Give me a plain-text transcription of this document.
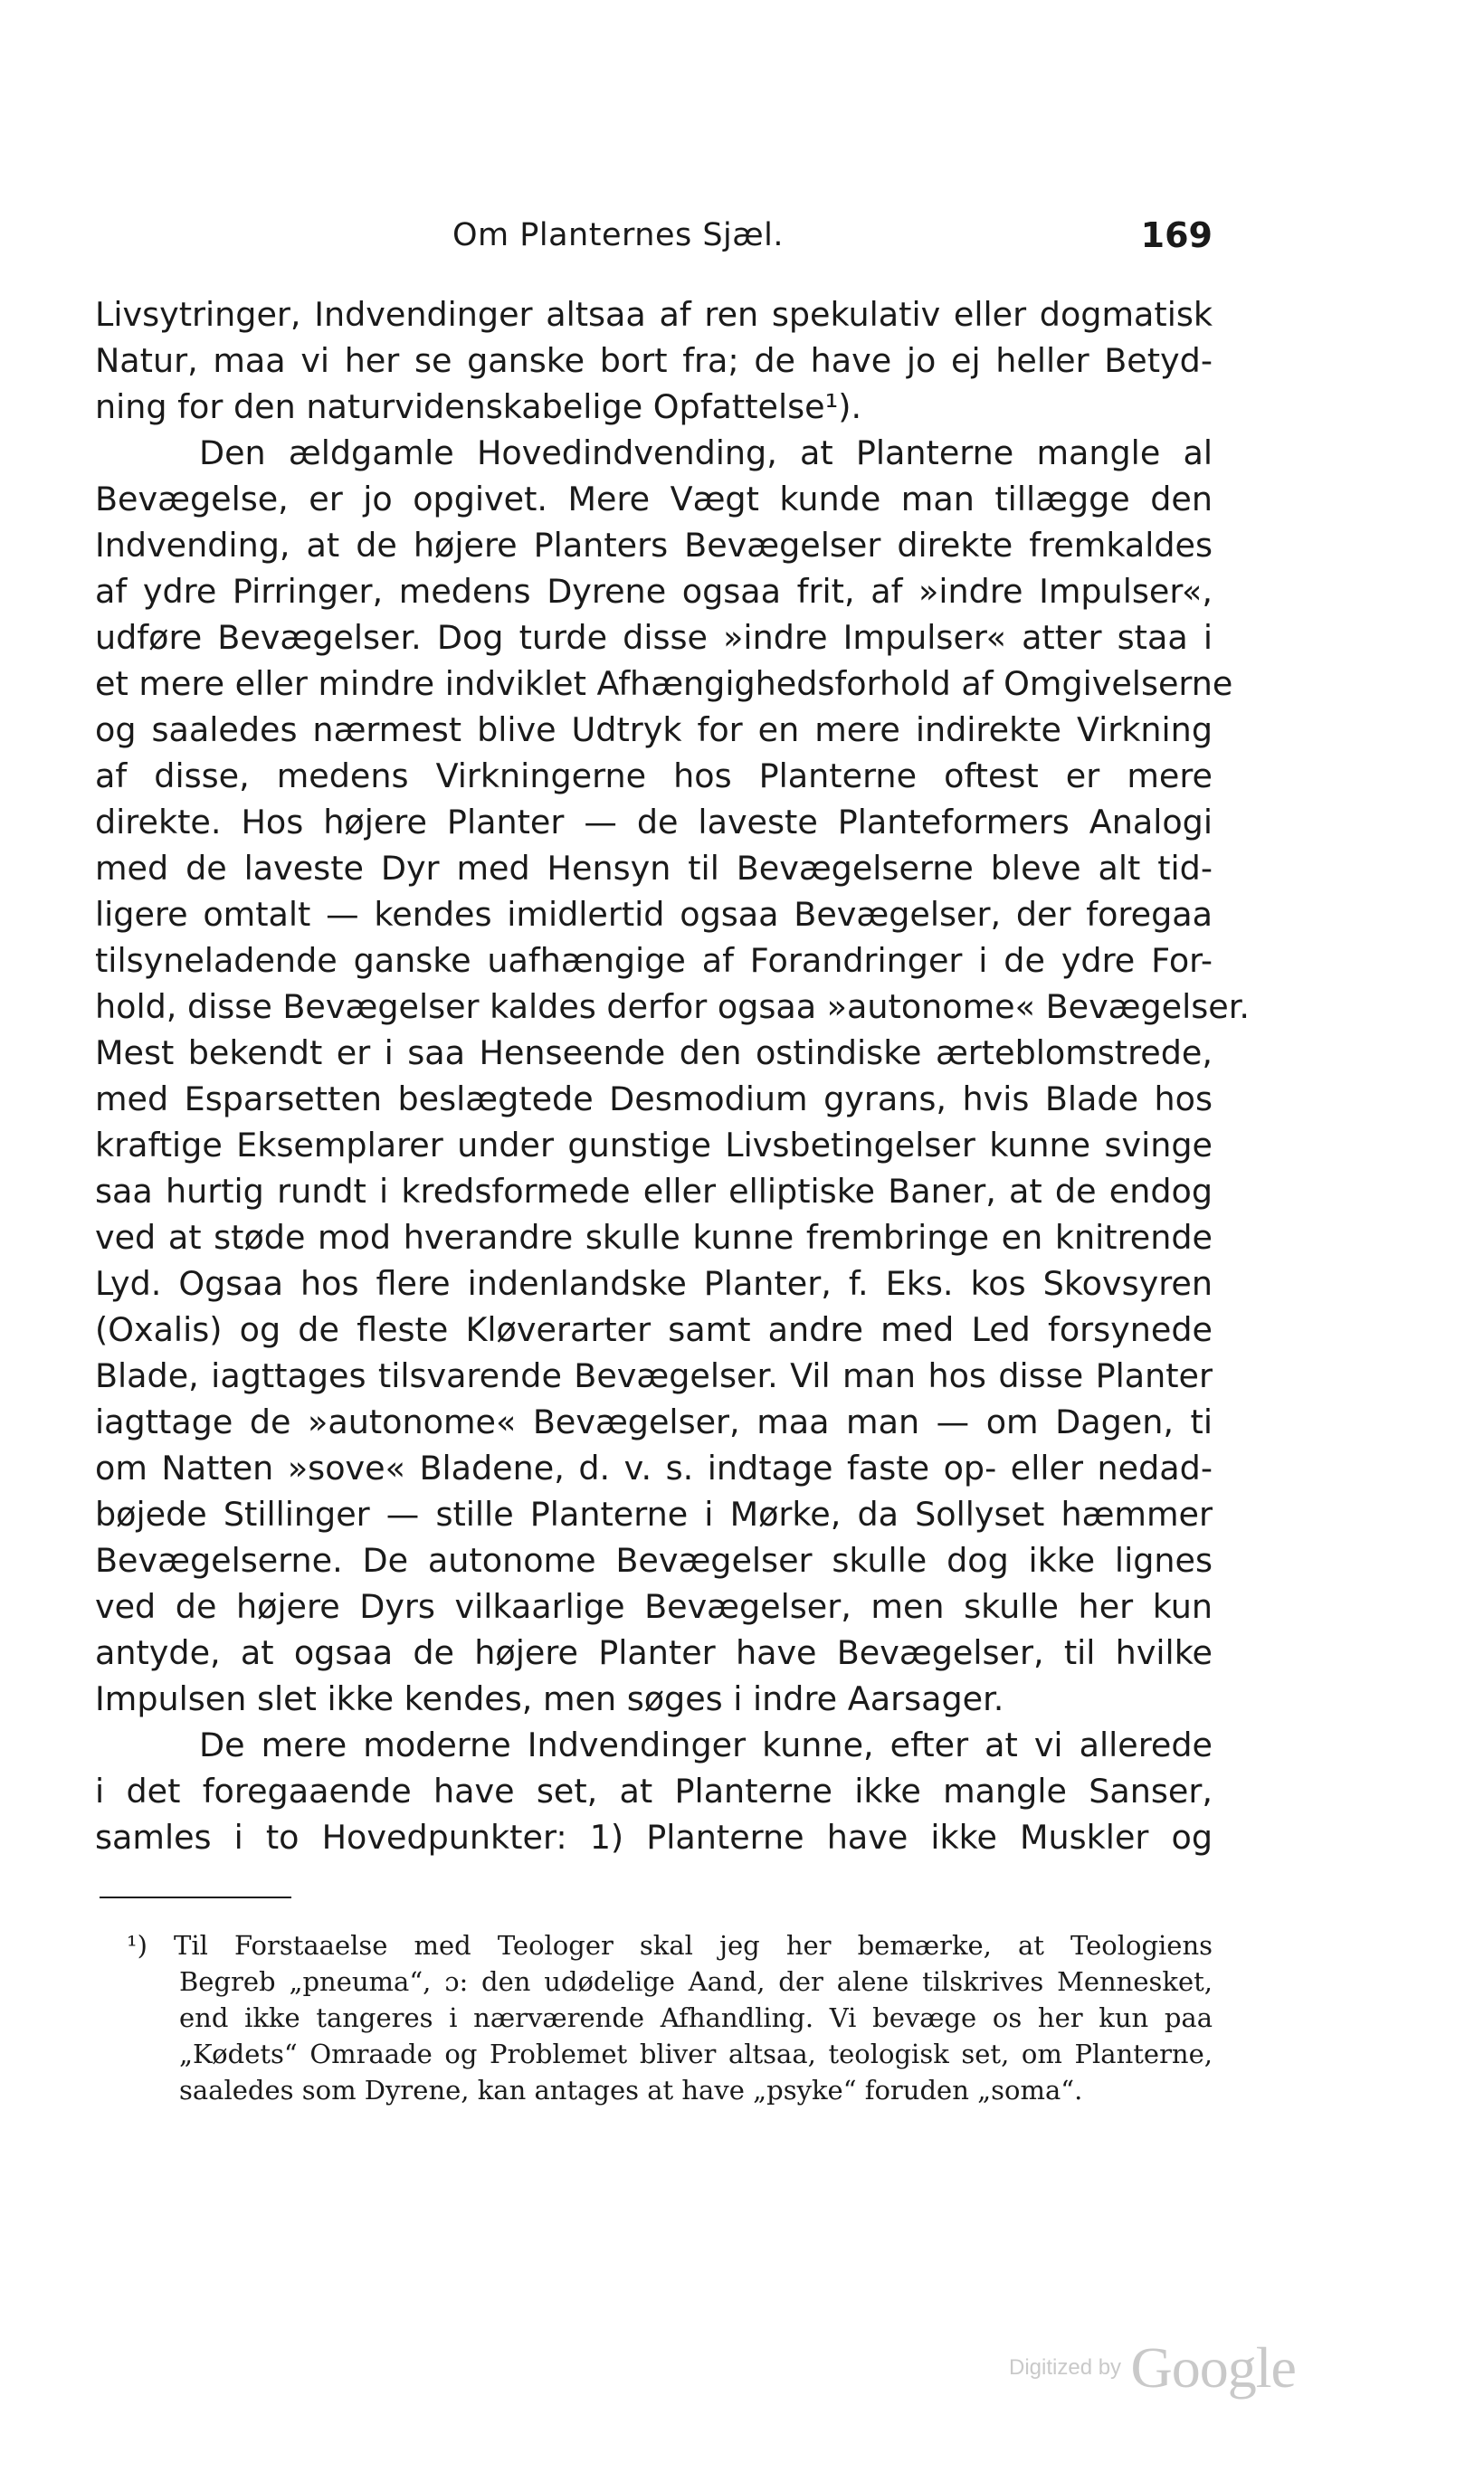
Om Planternes Sjæl.	169
Livsytringer, Indvendinger altsaa af ren spekulativ eller dogmatisk
Natur, maa vi her se ganske bort fra; de have jo ej heller Betyd-
ning for den naturvidenskabelige Opfattelse¹).
Den ældgamle Hovedindvending, at Planterne mangle al
Bevægelse, er jo opgivet. Mere Vægt kunde man tillægge den
Indvending, at de højere Planters Bevægelser direkte fremkaldes
af ydre Pirringer, medens Dyrene ogsaa frit, af »indre Impulser«,
udføre Bevægelser. Dog turde disse »indre Impulser« atter staa i
et mere eller mindre indviklet Afhængighedsforhold af Omgivelserne
og saaledes nærmest blive Udtryk for en mere indirekte Virkning
af disse, medens Virkningerne hos Planterne oftest er mere
direkte. Hos højere Planter — de laveste Planteformers Analogi
med de laveste Dyr med Hensyn til Bevægelserne bleve alt tid-
ligere omtalt — kendes imidlertid ogsaa Bevægelser, der foregaa
tilsyneladende ganske uafhængige af Forandringer i de ydre For-
hold, disse Bevægelser kaldes derfor ogsaa »autonome« Bevægelser.
Mest bekendt er i saa Henseende den ostindiske ærteblomstrede,
med Esparsetten beslægtede Desmodium gyrans, hvis Blade hos
kraftige Eksemplarer under gunstige Livsbetingelser kunne svinge
saa hurtig rundt i kredsformede eller elliptiske Baner, at de endog
ved at støde mod hverandre skulle kunne frembringe en knitrende
Lyd. Ogsaa hos flere indenlandske Planter, f. Eks. kos Skovsyren
(Oxalis) og de fleste Kløverarter samt andre med Led forsynede
Blade, iagttages tilsvarende Bevægelser. Vil man hos disse Planter
iagttage de »autonome« Bevægelser, maa man — om Dagen, ti
om Natten »sove« Bladene, d. v. s. indtage faste op- eller nedad-
bøjede Stillinger — stille Planterne i Mørke, da Sollyset hæmmer
Bevægelserne. De autonome Bevægelser skulle dog ikke lignes
ved de højere Dyrs vilkaarlige Bevægelser, men skulle her kun
antyde, at ogsaa de højere Planter have Bevægelser, til hvilke
Impulsen slet ikke kendes, men søges i indre Aarsager.
De mere moderne Indvendinger kunne, efter at vi allerede
i det foregaaende have set, at Planterne ikke mangle Sanser,
samles i to Hovedpunkter: 1) Planterne have ikke Muskler og
¹) Til Forstaaelse med Teologer skal jeg her bemærke, at Teologiens
Begreb „pneuma“, ɔ: den udødelige Aand, der alene tilskrives Mennesket,
end ikke tangeres i nærværende Afhandling. Vi bevæge os her kun paa
„Kødets“ Omraade og Problemet bliver altsaa, teologisk set, om Planterne,
saaledes som Dyrene, kan antages at have „psyke“ foruden „soma“.
Digitized by Google
